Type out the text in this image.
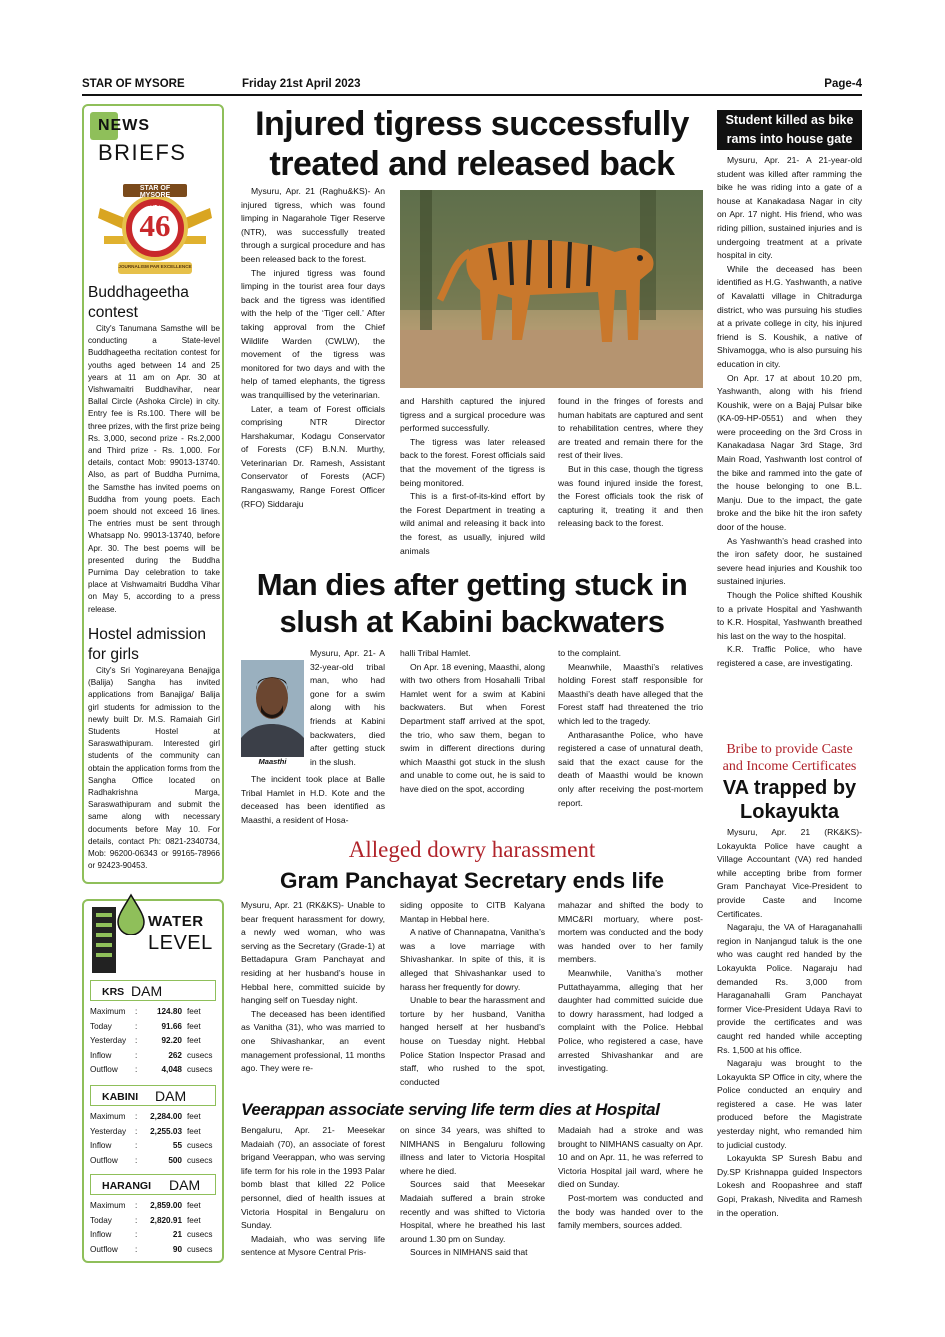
STAR OF MYSORE	Friday 21st April 2023	Page-4
NEWS
BRIEFS
STAR OF MYSORE
Estd. 1978
46
JOURNALISM PAR EXCELLENCE
Buddhageetha contest

City's Tanumana Samsthe will be conducting a State-level Buddhageetha recitation contest for youths aged between 14 and 25 years at 11 am on Apr. 30 at Vishwamaitri Buddhavihar, near Ballal Circle (Ashoka Circle) in city. Entry fee is Rs.100. There will be three prizes, with the first prize being Rs. 3,000, second prize - Rs.2,000 and Third prize - Rs. 1,000. For details, contact Mob: 99013-13740. Also, as part of Buddha Purnima, the Samsthe has invited poems on Buddha from young poets. Each poem should not exceed 16 lines. The entries must be sent through Whatsapp No. 99013-13740, before Apr. 30. The best poems will be presented during the Buddha Purnima Day celebration to take place at Vishwamaitri Buddha Vihar on May 5, according to a press release.

Hostel admission for girls

City's Sri Yoginareyana Benajiga (Balija) Sangha has invited applications from Banajiga/ Balija girl students for admission to the newly built Dr. M.S. Ramaiah Girl Students Hostel at Saraswathipuram. Interested girl students of the community can obtain the application forms from the Sangha Office located on Radhakrishna Marga, Saraswathipuram and submit the same along with necessary documents before May 10. For details, contact Ph: 0821-2340734, Mob: 96200-06343 or 99165-78966 or 92423-90453.

WATER
LEVEL
KRS DAM
Maximum :	124.80 feet
Today	:	91.66 feet
Yesterday :	92.20 feet
Inflow	:	262 cusecs
Outflow :	4,048 cusecs
KABINI DAM
Maximum :	2,284.00 feet
Yesterday :	2,255.03 feet
Inflow	:	55 cusecs
Outflow :	500 cusecs
HARANGI DAM
Maximum :	2,859.00 feet
Today	:	2,820.91 feet
Inflow	:	21 cusecs
Outflow :	90 cusecs
Injured tigress successfully
treated and released back

Mysuru, Apr. 21 (Raghu&KS)- An injured tigress, which was found limping in Nagarahole Tiger Reserve (NTR), was successfully treated through a surgical procedure and has been released back to the forest.

The injured tigress was found limping in the tourist area four days back and the tigress was identified with the help of the ‘Tiger cell.’ After taking approval from the Chief Wildlife Warden (CWLW), the movement of the tigress was monitored for two days and with the help of tamed elephants, the tigress was tranquillised by the veterinarian.

Later, a team of Forest officials comprising NTR Director Harshakumar, Kodagu Conservator of Forests (CF) B.N.N. Murthy, Veterinarian Dr. Ramesh, Assistant Conservator of Forests (ACF) Rangaswamy, Range Forest Officer (RFO) Siddaraju

and Harshith captured the injured tigress and a surgical procedure was performed successfully.

The tigress was later released back to the forest. Forest officials said that the movement of the tigress is being monitored.

This is a first-of-its-kind effort by the Forest Department in treating a wild animal and releasing it back into the forest, as usually, injured wild animals

found in the fringes of forests and human habitats are captured and sent to rehabilitation centres, where they are treated and remain there for the rest of their lives.

But in this case, though the tigress was found injured inside the forest, the Forest officials took the risk of capturing it, treating it and then releasing back to the forest.

Man dies after getting stuck in
slush at Kabini backwaters
Maasthi

Mysuru, Apr. 21- A 32-year-old tribal man, who had gone for a swim along with his friends at Kabini backwaters, died after getting stuck in the slush.

The incident took place at Balle Tribal Hamlet in H.D. Kote and the deceased has been identified as Maasthi, a resident of Hosa-

halli Tribal Hamlet.

On Apr. 18 evening, Maasthi, along with two others from Hosahalli Tribal Hamlet went for a swim at Kabini backwaters. But when Forest Department staff arrived at the spot, the trio, who saw them, began to swim in different directions during which Maasthi got stuck in the slush and unable to come out, he is said to have died on the spot, according

to the complaint.

Meanwhile, Maasthi’s relatives holding Forest staff responsible for Maasthi’s death have alleged that the Forest staff had threatened the trio which led to the tragedy.

Antharasanthe Police, who have registered a case of unnatural death, said that the exact cause for the death of Maasthi would be known only after receiving the post-mortem report.

Alleged dowry harassment
Gram Panchayat Secretary ends life

Mysuru, Apr. 21 (RK&KS)- Unable to bear frequent harassment for dowry, a newly wed woman, who was serving as the Secretary (Grade-1) at Bettadapura Gram Panchayat and residing at her husband’s house in Hebbal here, committed suicide by hanging self on Tuesday night.

The deceased has been identified as Vanitha (31), who was married to one Shivashankar, an event management professional, 11 months ago. They were re-

siding opposite to CITB Kalyana Mantap in Hebbal here.

A native of Channapatna, Vanitha’s was a love marriage with Shivashankar. In spite of this, it is alleged that Shivashankar used to harass her frequently for dowry.

Unable to bear the harassment and torture by her husband, Vanitha hanged herself at her husband’s house on Tuesday night. Hebbal Police Station Inspector Prasad and staff, who rushed to the spot, conducted

mahazar and shifted the body to MMC&RI mortuary, where post-mortem was conducted and the body was handed over to her family members.

Meanwhile, Vanitha’s mother Puttathayamma, alleging that her daughter had committed suicide due to dowry harassment, had lodged a complaint with the Police. Hebbal Police, who registered a case, have arrested Shivashankar and are investigating.

Veerappan associate serving life term dies at Hospital

Bengaluru, Apr. 21- Meesekar Madaiah (70), an associate of forest brigand Veerappan, who was serving life term for his role in the 1993 Palar bomb blast that killed 22 Police personnel, died of health issues at Victoria Hospital in Bengaluru on Sunday.

Madaiah, who was serving life sentence at Mysore Central Pris-

on since 34 years, was shifted to NIMHANS in Bengaluru following illness and later to Victoria Hospital where he died.

Sources said that Meesekar Madaiah suffered a brain stroke recently and was shifted to Victoria Hospital, where he breathed his last around 1.30 pm on Sunday.

Sources in NIMHANS said that

Madaiah had a stroke and was brought to NIMHANS casualty on Apr. 10 and on Apr. 11, he was referred to Victoria Hospital jail ward, where he died on Sunday.

Post-mortem was conducted and the body was handed over to the family members, sources added.

Student killed as bike
rams into house gate

Mysuru, Apr. 21- A 21-year-old student was killed after ramming the bike he was riding into a gate of a house at Kanakadasa Nagar in city on Apr. 17 night. His friend, who was riding pillion, sustained injuries and is undergoing treatment at a private hospital in city.

While the deceased has been identified as H.G. Yashwanth, a native of Kavalatti village in Chitradurga district, who was pursuing his studies at a private college in city, his injured friend is S. Koushik, a native of Shivamogga, who is also pursuing his education in city.

On Apr. 17 at about 10.20 pm, Yashwanth, along with his friend Koushik, were on a Bajaj Pulsar bike (KA-09-HP-0551) and when they were proceeding on the 3rd Cross in Kanakadasa Nagar 3rd Stage, 3rd Main Road, Yashwanth lost control of the bike and rammed into the gate of the house belonging to one B.L. Manju. Due to the impact, the gate broke and the bike hit the iron safety door of the house.

As Yashwanth’s head crashed into the iron safety door, he sustained severe head injuries and Koushik too sustained injuries.

Though the Police shifted Koushik to a private Hospital and Yashwanth to K.R. Hospital, Yashwanth breathed his last on the way to the hospital.

K.R. Traffic Police, who have registered a case, are investigating.

Bribe to provide Caste
and Income Certificates
VA trapped by
Lokayukta

Mysuru, Apr. 21 (RK&KS)- Lokayukta Police have caught a Village Accountant (VA) red handed while accepting bribe from former Gram Panchayat Vice-President to provide Caste and Income Certificates.

Nagaraju, the VA of Haraganahalli region in Nanjangud taluk is the one who was caught red handed by the Lokayukta Police. Nagaraju had demanded Rs. 3,000 from Haraganahalli Gram Panchayat former Vice-President Udaya Ravi to provide the certificates and was caught red handed while accepting Rs. 1,500 at his office.

Nagaraju was brought to the Lokayukta SP Office in city, where the Police conducted an enquiry and registered a case. He was later produced before the Magistrate yesterday night, who remanded him to judicial custody.

Lokayukta SP Suresh Babu and Dy.SP Krishnappa guided Inspectors Lokesh and Roopashree and staff Gopi, Prakash, Nivedita and Ramesh in the operation.
